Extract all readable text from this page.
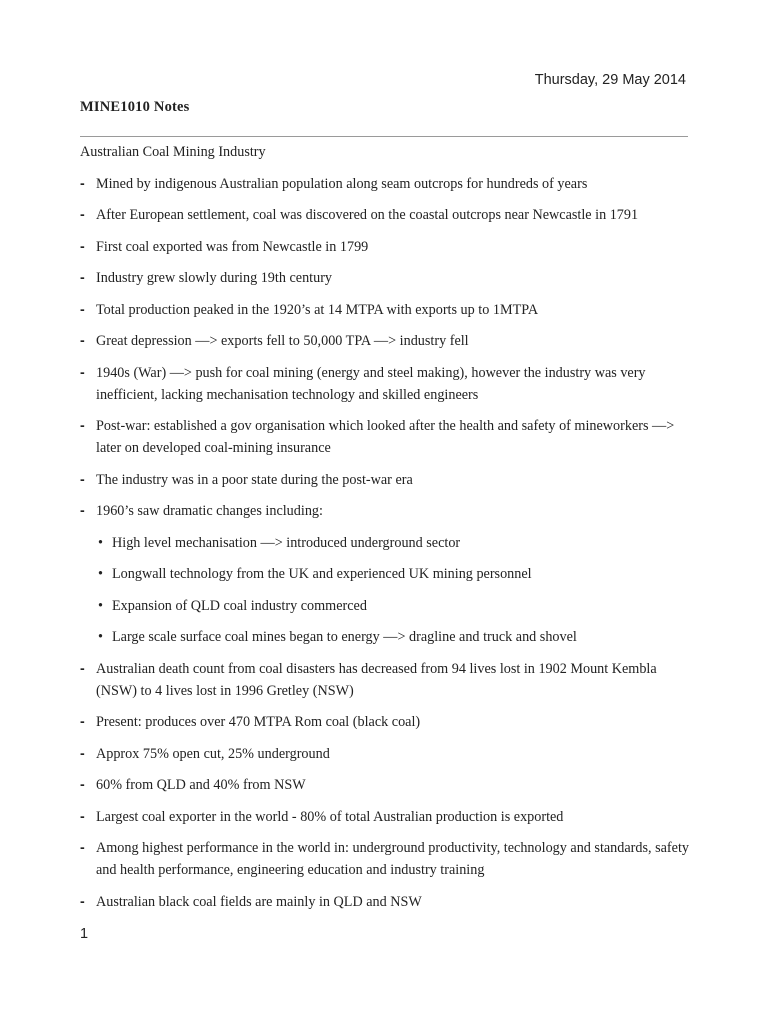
Thursday, 29 May 2014
MINE1010 Notes
Australian Coal Mining Industry
- Mined by indigenous Australian population along seam outcrops for hundreds of years
- After European settlement, coal was discovered on the coastal outcrops near Newcastle in 1791
- First coal exported was from Newcastle in 1799
- Industry grew slowly during 19th century
- Total production peaked in the 1920’s at 14 MTPA with exports up to 1MTPA
- Great depression —> exports fell to 50,000 TPA —> industry fell
- 1940s (War) —> push for coal mining (energy and steel making), however the industry was very inefficient, lacking mechanisation technology and skilled engineers
- Post-war: established a gov organisation which looked after the health and safety of mineworkers —> later on developed coal-mining insurance
- The industry was in a poor state during the post-war era
- 1960’s saw dramatic changes including:
• High level mechanisation —> introduced underground sector
• Longwall technology from the UK and experienced UK mining personnel
• Expansion of QLD coal industry commerced
• Large scale surface coal mines began to energy —> dragline and truck and shovel
- Australian death count from coal disasters has decreased from 94 lives lost in 1902 Mount Kembla (NSW) to 4 lives lost in 1996 Gretley (NSW)
- Present: produces over 470 MTPA Rom coal (black coal)
- Approx 75% open cut, 25% underground
- 60% from QLD and 40% from NSW
- Largest coal exporter in the world - 80% of total Australian production is exported
- Among highest performance in the world in: underground productivity, technology and standards, safety and health performance, engineering education and industry training
- Australian black coal fields are mainly in QLD and NSW
1
